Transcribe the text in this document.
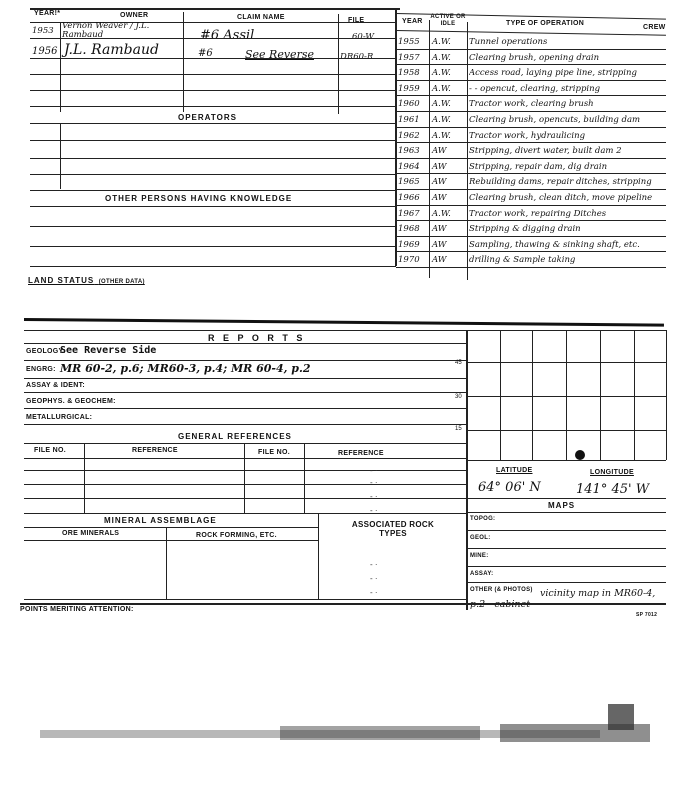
YEAR!*	OWNER	CLAIM NAME	FILE	YEAR
ACTIVE OR IDLE	TYPE OF OPERATION
CREW
1953 Vernon Weaver / J.L. Rambaud	#6 Assil	60-W
1956 J.L. Rambaud	#6	See Reverse	DR60-R
OPERATORS
OTHER PERSONS HAVING KNOWLEDGE
LAND STATUS (OTHER DATA)
1955 A.W. Tunnel operations
1957 A.W. Clearing brush, opening drain
1958 A.W. Access road, laying pipe line, stripping
1959 A.W. - - opencut, clearing, stripping
1960 A.W. Tractor work, clearing brush
1961 A.W. Clearing brush, opencuts, building dam
1962 A.W. Tractor work, hydraulicing
1963 AW	Stripping, divert water, built dam 2
1964 AW	Stripping, repair dam, dig drain
1965 AW	Rebuilding dams, repair ditches, stripping
1966 AW	Clearing brush, clean ditch, move pipeline
1967 A.W. Tractor work, repairing Ditches
1968 AW	Stripping & digging drain
1969 AW	Sampling, thawing & sinking shaft, etc.
1970 AW	drilling & Sample taking
R E P O R T S
GEOLOGY:
See Reverse Side
45
ENGRG: MR 60-2, p.6; MR60-3, p.4; MR 60-4, p.2
ASSAY & IDENT:
30
GEOPHYS. & GEOCHEM:
METALLURGICAL:
15
GENERAL REFERENCES
FILE NO.	REFERENCE	FILE NO.	REFERENCE
MINERAL ASSEMBLAGE	ASSOCIATED ROCK TYPES
ORE MINERALS	ROCK FORMING, ETC.
LATITUDE	LONGITUDE
64° 06' N	141° 45' W
MAPS
TOPOG:
GEOL:
MINE:
ASSAY:
OTHER (& PHOTOS) vicinity map in MR60-4, p.2 - cabinet
SP 7012
- ·
- ·
- ·
- ·
- ·
- ·
- ·
POINTS MERITING ATTENTION:
